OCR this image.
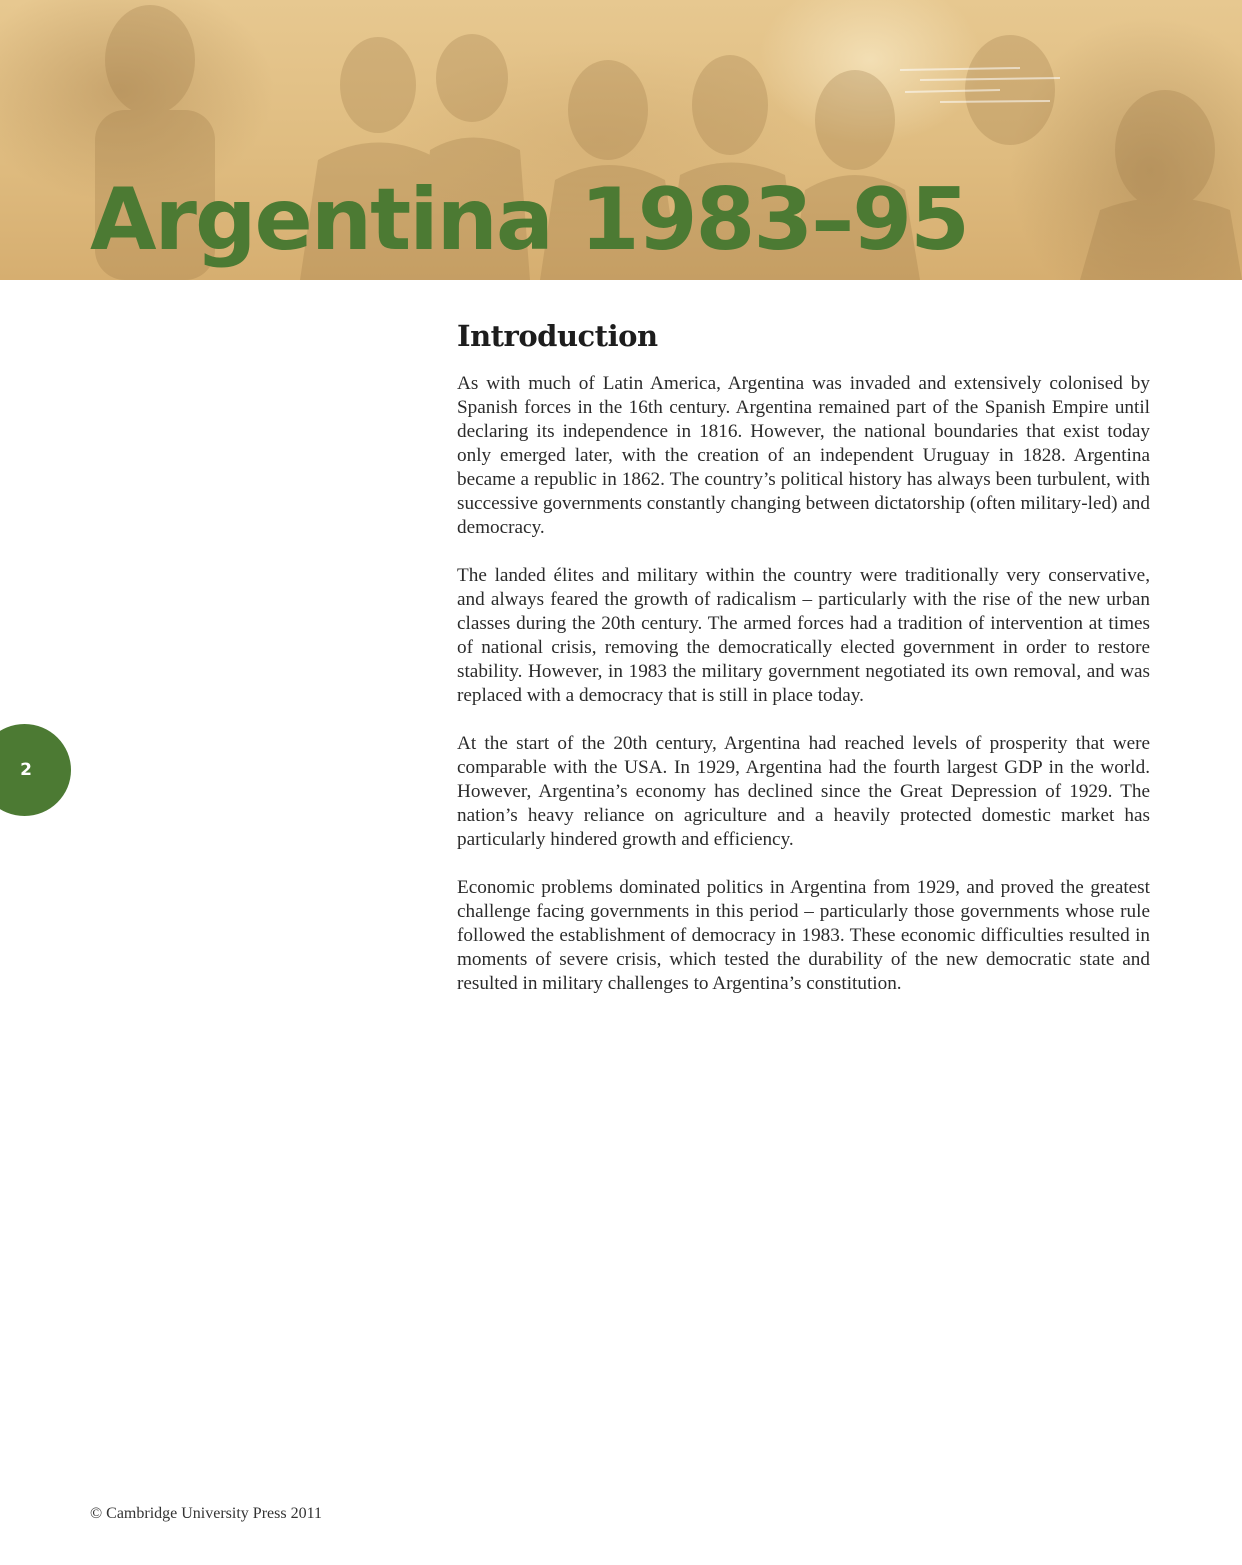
Argentina 1983–95
Introduction

As with much of Latin America, Argentina was invaded and extensively colonised by Spanish forces in the 16th century. Argentina remained part of the Spanish Empire until declaring its independence in 1816. However, the national boundaries that exist today only emerged later, with the creation of an independent Uruguay in 1828. Argentina became a republic in 1862. The country’s political history has always been turbulent, with successive governments constantly changing between dictatorship (often military-led) and democracy.

The landed élites and military within the country were traditionally very conservative, and always feared the growth of radicalism – particularly with the rise of the new urban classes during the 20th century. The armed forces had a tradition of intervention at times of national crisis, removing the democratically elected government in order to restore stability. However, in 1983 the military government negotiated its own removal, and was replaced with a democracy that is still in place today.

At the start of the 20th century, Argentina had reached levels of prosperity that were comparable with the USA. In 1929, Argentina had the fourth largest GDP in the world. However, Argentina’s economy has declined since the Great Depression of 1929. The nation’s heavy reliance on agriculture and a heavily protected domestic market has particularly hindered growth and efficiency.

Economic problems dominated politics in Argentina from 1929, and proved the greatest challenge facing governments in this period – particularly those governments whose rule followed the establishment of democracy in 1983. These economic difficulties resulted in moments of severe crisis, which tested the durability of the new democratic state and resulted in military challenges to Argentina’s constitution.

2
© Cambridge University Press 2011
